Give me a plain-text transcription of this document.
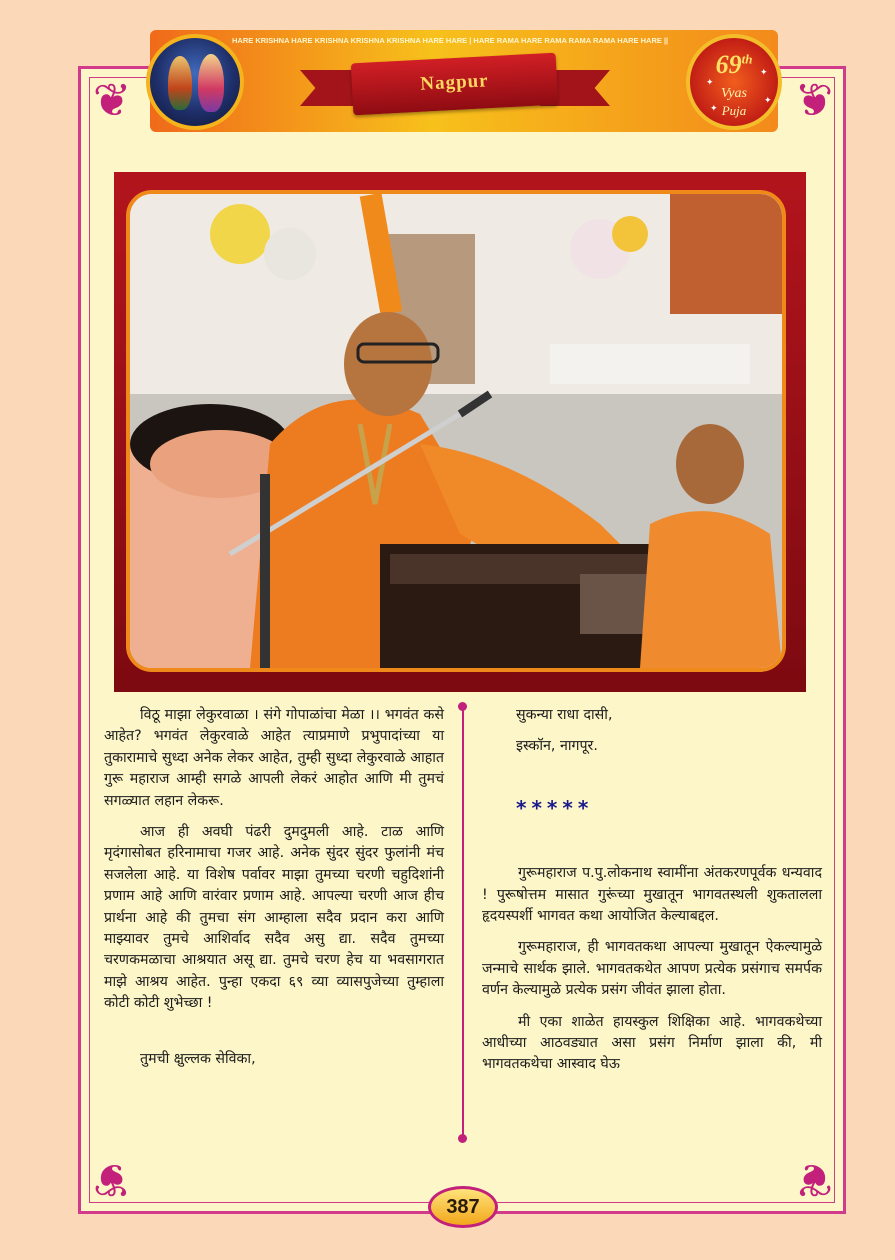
❦	❦
❦	❦
HARE KRISHNA HARE KRISHNA KRISHNA KRISHNA HARE HARE | HARE RAMA HARE RAMA RAMA RAMA HARE HARE ||
Nagpur
69th
Vyas
Puja
✦
✦
✦
✦

विठू माझा लेकुरवाळा । संगे गोपाळांचा मेळा ।। भगवंत कसे आहेत? भगवंत लेकुरवाळे आहेत त्याप्रमाणे प्रभुपादांच्या या तुकारामाचे सुध्दा अनेक लेकर आहेत, तुम्ही सुध्दा लेकुरवाळे आहात गुरू महाराज आम्ही सगळे आपली लेकरं आहोत आणि मी तुमचं सगळ्यात लहान लेकरू.

आज ही अवघी पंढरी दुमदुमली आहे. टाळ आणि मृदंगासोबत हरिनामाचा गजर आहे. अनेक सुंदर सुंदर फुलांनी मंच सजलेला आहे. या विशेष पर्वावर माझा तुमच्या चरणी चहुदिशांनी प्रणाम आहे आणि वारंवार प्रणाम आहे. आपल्या चरणी आज हीच प्रार्थना आहे की तुमचा संग आम्हाला सदैव प्रदान करा आणि माझ्यावर तुमचे आशिर्वाद सदैव असु द्या. सदैव तुमच्या चरणकमळाचा आश्रयात असू द्या. तुमचे चरण हेच या भवसागरात माझे आश्रय आहेत. पुन्हा एकदा ६९ व्या व्यासपुजेच्या तुम्हाला कोटी कोटी शुभेच्छा !

तुमची क्षुल्लक सेविका,

सुकन्या राधा दासी,

इस्कॉन, नागपूर.

*****

गुरूमहाराज प.पु.लोकनाथ स्वामींना अंतकरणपूर्वक धन्यवाद ! पुरूषोत्तम मासात गुरूंच्या मुखातून भागवतस्थली शुकतालला हृदयस्पर्शी भागवत कथा आयोजित केल्याबद्दल.

गुरूमहाराज, ही भागवतकथा आपल्या मुखातून ऐकल्यामुळे जन्माचे सार्थक झाले. भागवतकथेत आपण प्रत्येक प्रसंगाच समर्पक वर्णन केल्यामुळे प्रत्येक प्रसंग जीवंत झाला होता.

मी एका शाळेत हायस्कुल शिक्षिका आहे. भागवकथेच्या आधीच्या आठवड्यात असा प्रसंग निर्माण झाला की, मी भागवतकथेचा आस्वाद घेऊ

387
